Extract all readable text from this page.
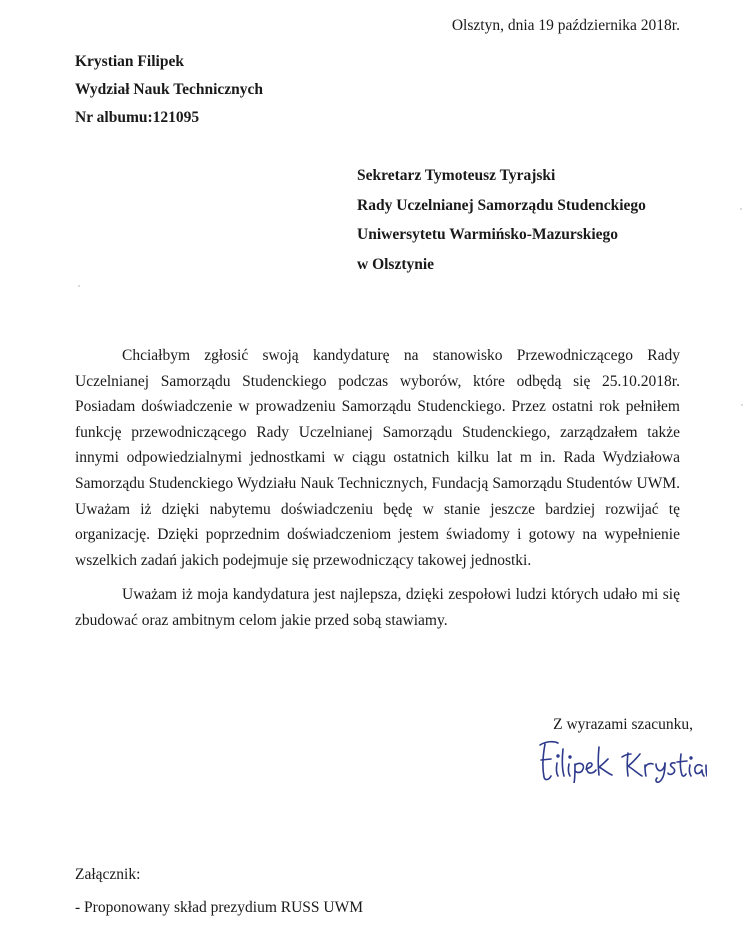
Olsztyn, dnia 19 października 2018r.
Krystian Filipek
Wydział Nauk Technicznych
Nr albumu:121095
Sekretarz Tymoteusz Tyrajski
Rady Uczelnianej Samorządu Studenckiego
Uniwersytetu Warmińsko-Mazurskiego
w Olsztynie

Chciałbym zgłosić swoją kandydaturę na stanowisko Przewodniczącego Rady Uczelnianej Samorządu Studenckiego podczas wyborów, które odbędą się 25.10.2018r. Posiadam doświadczenie w prowadzeniu Samorządu Studenckiego. Przez ostatni rok pełniłem funkcję przewodniczącego Rady Uczelnianej Samorządu Studenckiego, zarządzałem także innymi odpowiedzialnymi jednostkami w ciągu ostatnich kilku lat m in. Rada Wydziałowa Samorządu Studenckiego Wydziału Nauk Technicznych, Fundacją Samorządu Studentów UWM. Uważam iż dzięki nabytemu doświadczeniu będę w stanie jeszcze bardziej rozwijać tę organizację. Dzięki poprzednim doświadczeniom jestem świadomy i gotowy na wypełnienie wszelkich zadań jakich podejmuje się przewodniczący takowej jednostki.

Uważam iż moja kandydatura jest najlepsza, dzięki zespołowi ludzi których udało mi się zbudować oraz ambitnym celom jakie przed sobą stawiamy.

Z wyrazami szacunku,
Załącznik:
- Proponowany skład prezydium RUSS UWM
